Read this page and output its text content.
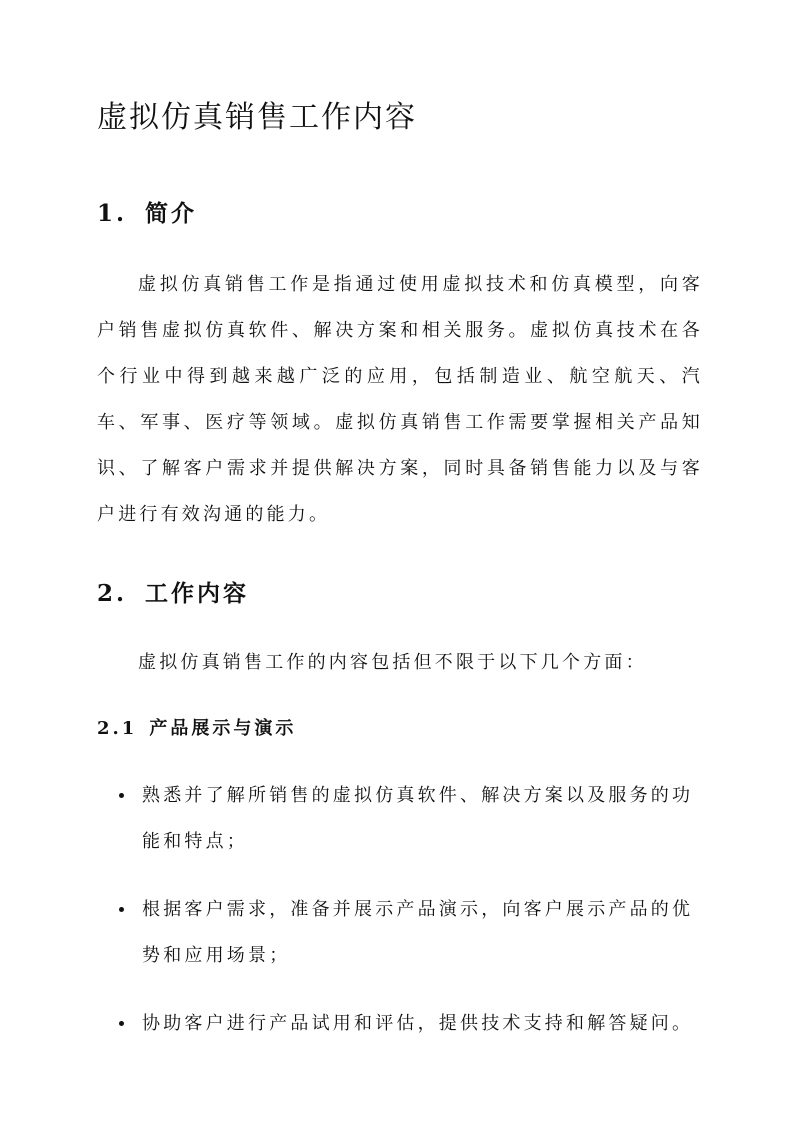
虚拟仿真销售工作内容
1. 简介

虚拟仿真销售工作是指通过使用虚拟技术和仿真模型，向客户销售虚拟仿真软件、解决方案和相关服务。虚拟仿真技术在各个行业中得到越来越广泛的应用，包括制造业、航空航天、汽车、军事、医疗等领域。虚拟仿真销售工作需要掌握相关产品知识、了解客户需求并提供解决方案，同时具备销售能力以及与客户进行有效沟通的能力。

2. 工作内容

虚拟仿真销售工作的内容包括但不限于以下几个方面：

2.1 产品展示与演示
熟悉并了解所销售的虚拟仿真软件、解决方案以及服务的功能和特点；
根据客户需求，准备并展示产品演示，向客户展示产品的优势和应用场景；
协助客户进行产品试用和评估，提供技术支持和解答疑问。
